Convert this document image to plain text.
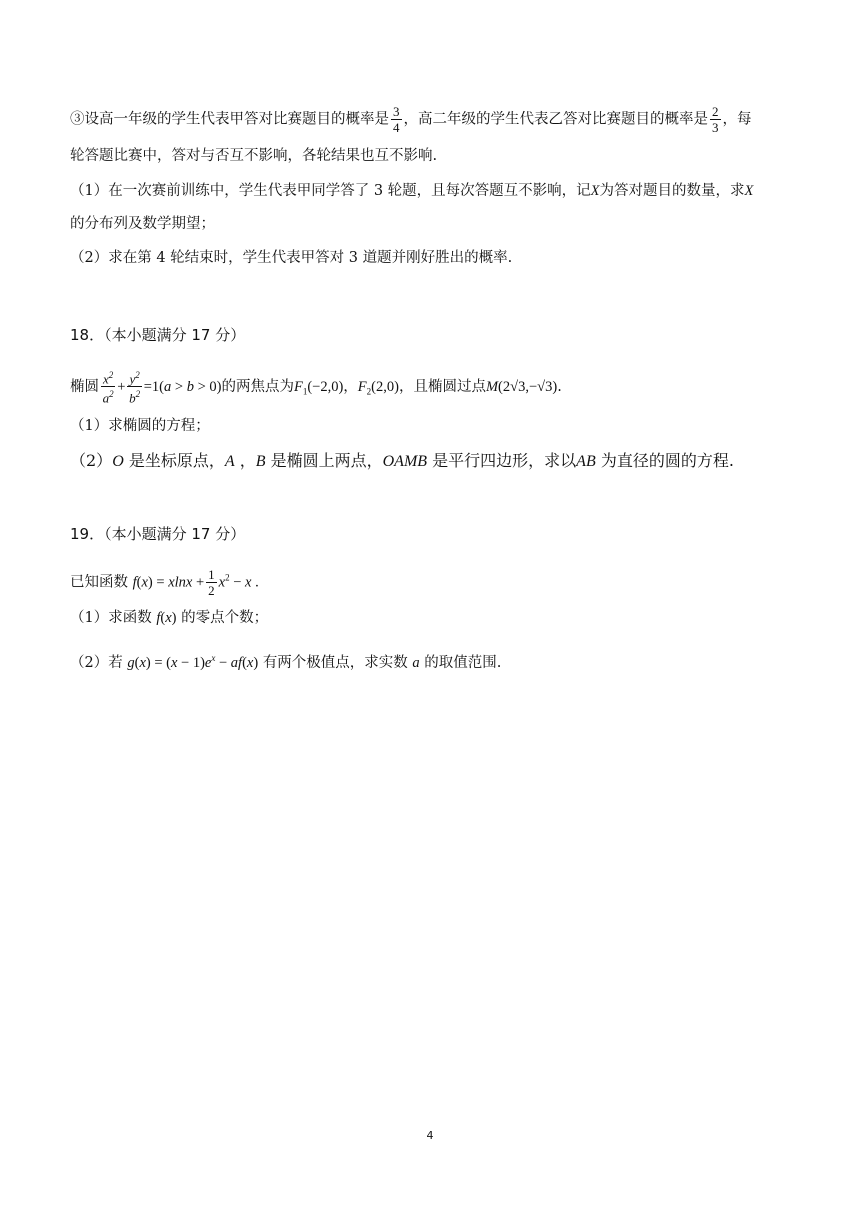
③设高一年级的学生代表甲答对比赛题目的概率是 $\frac{3}{4}$ ，高二年级的学生代表乙答对比赛题目的概率是 $\frac{2}{3}$ ，每
轮答题比赛中，答对与否互不影响，各轮结果也互不影响.
（1）在一次赛前训练中，学生代表甲同学答了 3 轮题，且每次答题互不影响，记X为答对题目的数量，求X
的分布列及数学期望；
（2）求在第 4 轮结束时，学生代表甲答对 3 道题并刚好胜出的概率.
18．（本小题满分 17 分）
椭圆 $\frac{x^2}{a^2} + \frac{y^2}{b^2} =1(a > b > 0)$的两焦点为$F_1(-2,0)$，$F_2(2,0)$，且椭圆过点M(2√3,−√3).
（1）求椭圆的方程；
（2）O 是坐标原点，A ，B 是椭圆上两点，OAMB 是平行四边形，求以AB 为直径的圆的方程.
19．（本小题满分 17 分）
已知函数 $f(x) = xlnx + \frac{1}{2} x^2 - x$ .
（1）求函数 f(x) 的零点个数；
（2）若 $g(x) = (x - 1)e^x - af(x)$ 有两个极值点，求实数 a 的取值范围.
4
